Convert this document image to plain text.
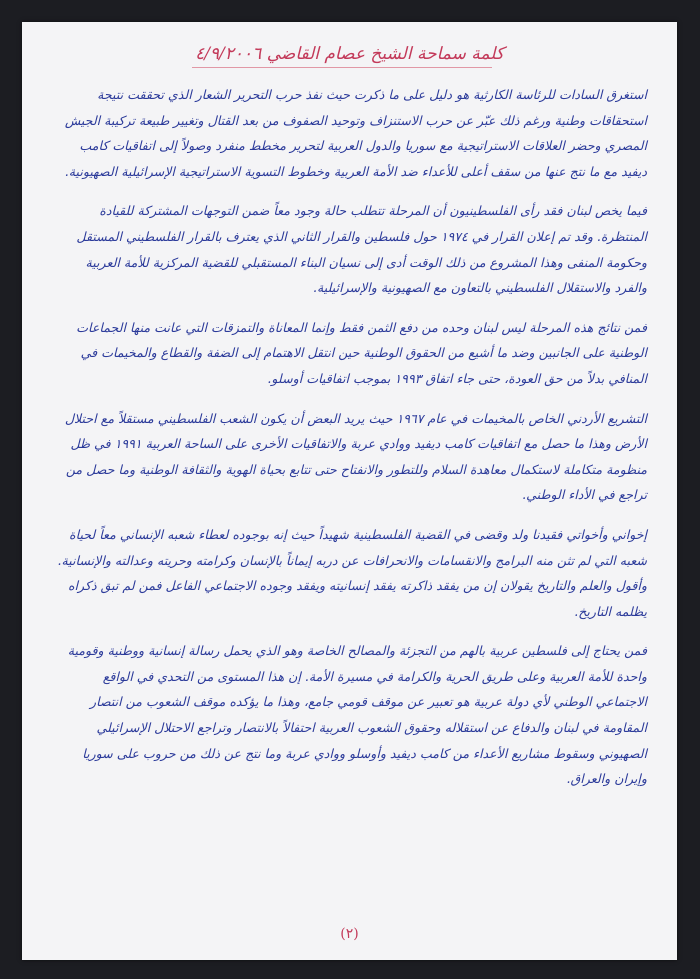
كلمة سماحة الشيخ عصام القاضي ٤/٩/٢٠٠٦

استغرق السادات للرئاسة الكارثية هو دليل على ما ذكرت حيث نفذ حرب التحرير الشعار الذي تحققت نتيجة استحقاقات وطنية ورغم ذلك عبّر عن حرب الاستنزاف وتوحيد الصفوف من بعد القتال وتغيير طبيعة تركيبة الجيش المصري وحضر العلاقات الاستراتيجية مع سوريا والدول العربية لتحرير مخطط منفرد وصولاً إلى اتفاقيات كامب ديفيد مع ما نتج عنها من سقف أعلى للأعداء ضد الأمة العربية وخطوط التسوية الاستراتيجية الإسرائيلية الصهيونية.

فيما يخص لبنان فقد رأى الفلسطينيون أن المرحلة تتطلب حالة وجود معاً ضمن التوجهات المشتركة للقيادة المنتظرة. وقد تم إعلان القرار في ١٩٧٤ حول فلسطين والقرار الثاني الذي يعترف بالقرار الفلسطيني المستقل وحكومة المنفى وهذا المشروع من ذلك الوقت أدى إلى نسيان البناء المستقبلي للقضية المركزية للأمة العربية والفرد والاستقلال الفلسطيني بالتعاون مع الصهيونية والإسرائيلية.

فمن نتائج هذه المرحلة ليس لبنان وحده من دفع الثمن فقط وإنما المعاناة والتمزقات التي عانت منها الجماعات الوطنية على الجانبين وضد ما أشيع من الحقوق الوطنية حين انتقل الاهتمام إلى الضفة والقطاع والمخيمات في المنافي بدلاً من حق العودة، حتى جاء اتفاق ١٩٩٣ بموجب اتفاقيات أوسلو.

التشريع الأردني الخاص بالمخيمات في عام ١٩٦٧ حيث يريد البعض أن يكون الشعب الفلسطيني مستقلاً مع احتلال الأرض وهذا ما حصل مع اتفاقيات كامب ديفيد ووادي عربة والاتفاقيات الأخرى على الساحة العربية ١٩٩١ في ظل منظومة متكاملة لاستكمال معاهدة السلام وللتطور والانفتاح حتى تتابع بحياة الهوية والثقافة الوطنية وما حصل من تراجع في الأداء الوطني.

إخواني وأخواتي فقيدنا ولد وقضى في القضية الفلسطينية شهيداً حيث إنه بوجوده لعطاء شعبه الإنساني معاً لحياة شعبه التي لم تثن منه البرامج والانقسامات والانحرافات عن دربه إيماناً بالإنسان وكرامته وحريته وعدالته والإنسانية. وأقول والعلم والتاريخ يقولان إن من يفقد ذاكرته يفقد إنسانيته ويفقد وجوده الاجتماعي الفاعل فمن لم تبق ذكراه يظلمه التاريخ.

فمن يحتاج إلى فلسطين عربية بالهم من التجزئة والمصالح الخاصة وهو الذي يحمل رسالة إنسانية ووطنية وقومية واحدة للأمة العربية وعلى طريق الحرية والكرامة في مسيرة الأمة. إن هذا المستوى من التحدي في الواقع الاجتماعي الوطني لأي دولة عربية هو تعبير عن موقف قومي جامع، وهذا ما يؤكده موقف الشعوب من انتصار المقاومة في لبنان والدفاع عن استقلاله وحقوق الشعوب العربية احتفالاً بالانتصار وتراجع الاحتلال الإسرائيلي الصهيوني وسقوط مشاريع الأعداء من كامب ديفيد وأوسلو ووادي عربة وما نتج عن ذلك من حروب على سوريا وإيران والعراق.

(٢)
